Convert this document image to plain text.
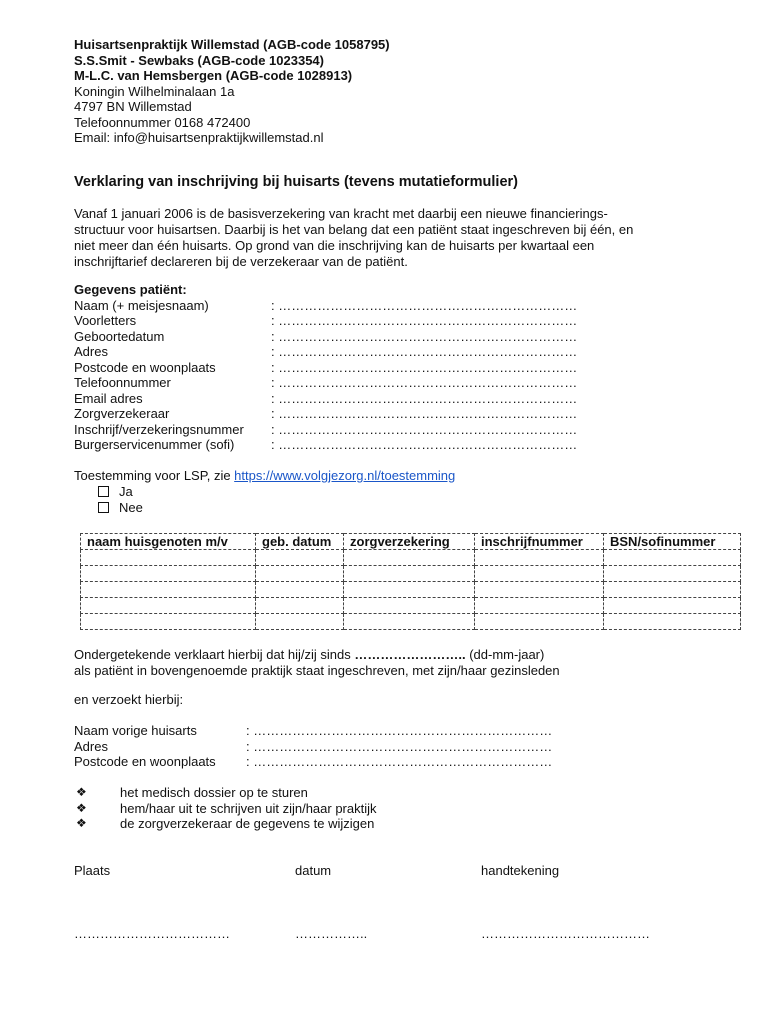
Huisartsenpraktijk Willemstad (AGB-code 1058795)
S.S.Smit - Sewbaks (AGB-code 1023354)
M-L.C. van Hemsbergen (AGB-code 1028913)
Koningin Wilhelminalaan 1a
4797 BN Willemstad
Telefoonnummer 0168 472400
Email: info@huisartsenpraktijkwillemstad.nl
Verklaring van inschrijving bij huisarts (tevens mutatieformulier)
Vanaf 1 januari 2006 is de basisverzekering van kracht met daarbij een nieuwe financierings-
structuur voor huisartsen. Daarbij is het van belang dat een patiënt staat ingeschreven bij één, en
niet meer dan één huisarts. Op grond van die inschrijving kan de huisarts per kwartaal een
inschrijftarief declareren bij de verzekeraar van de patiënt.
Gegevens patiënt:
Naam (+ meisjesnaam)	: ……………………………………………………………
Voorletters	: ……………………………………………………………
Geboortedatum	: ……………………………………………………………
Adres	: ……………………………………………………………
Postcode en woonplaats	: ……………………………………………………………
Telefoonnummer	: ……………………………………………………………
Email adres	: ……………………………………………………………
Zorgverzekeraar	: ……………………………………………………………
Inschrijf/verzekeringsnummer : ……………………………………………………………
Burgerservicenummer (sofi)	: ……………………………………………………………
Toestemming voor LSP, zie https://www.volgjezorg.nl/toestemming
Ja
Nee
naam huisgenoten m/v	geb. datum	zorgverzekering	inschrijfnummer	BSN/sofinummer

Ondergetekende verklaart hierbij dat hij/zij sinds …………………….. (dd-mm-jaar)
als patiënt in bovengenoemde praktijk staat ingeschreven, met zijn/haar gezinsleden
en verzoekt hierbij:
Naam vorige huisarts	: ……………………………………………………………
Adres	: ……………………………………………………………
Postcode en woonplaats : ……………………………………………………………
❖	het medisch dossier op te sturen
❖	hem/haar uit te schrijven uit zijn/haar praktijk
❖	de zorgverzekeraar de gegevens te wijzigen
Plaats	datum	handtekening
………………………………	……………..	…………………………………
